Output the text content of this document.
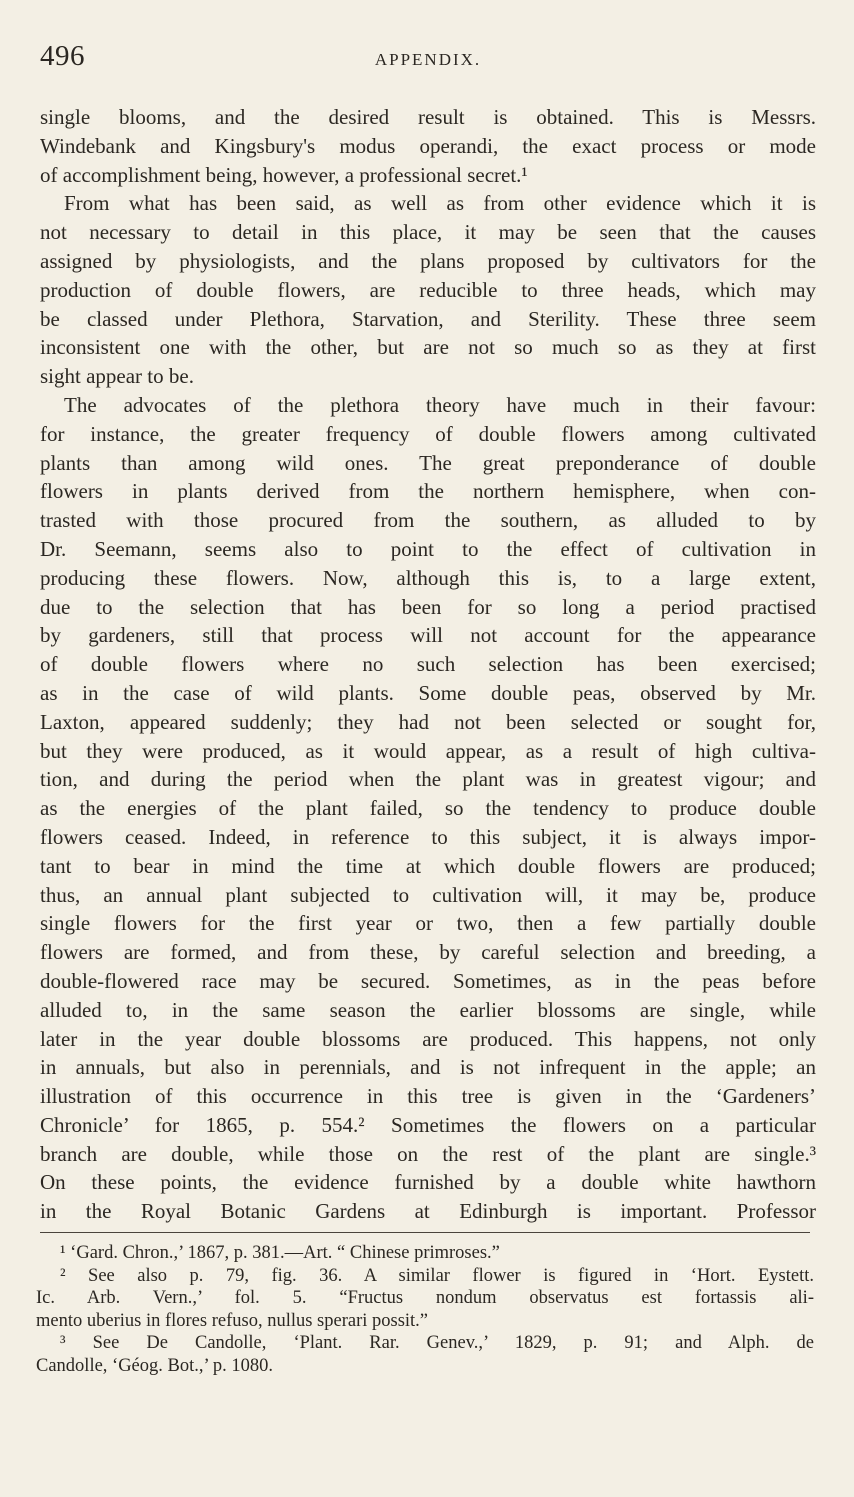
496	APPENDIX.
single blooms, and the desired result is obtained. This is Messrs.
Windebank and Kingsbury's modus operandi, the exact process or mode
of accomplishment being, however, a professional secret.¹
From what has been said, as well as from other evidence which it is
not necessary to detail in this place, it may be seen that the causes
assigned by physiologists, and the plans proposed by cultivators for the
production of double flowers, are reducible to three heads, which may
be classed under Plethora, Starvation, and Sterility. These three seem
inconsistent one with the other, but are not so much so as they at first
sight appear to be.
The advocates of the plethora theory have much in their favour:
for instance, the greater frequency of double flowers among cultivated
plants than among wild ones. The great preponderance of double
flowers in plants derived from the northern hemisphere, when con-
trasted with those procured from the southern, as alluded to by
Dr. Seemann, seems also to point to the effect of cultivation in
producing these flowers. Now, although this is, to a large extent,
due to the selection that has been for so long a period practised
by gardeners, still that process will not account for the appearance
of double flowers where no such selection has been exercised;
as in the case of wild plants. Some double peas, observed by Mr.
Laxton, appeared suddenly; they had not been selected or sought for,
but they were produced, as it would appear, as a result of high cultiva-
tion, and during the period when the plant was in greatest vigour; and
as the energies of the plant failed, so the tendency to produce double
flowers ceased. Indeed, in reference to this subject, it is always impor-
tant to bear in mind the time at which double flowers are produced;
thus, an annual plant subjected to cultivation will, it may be, produce
single flowers for the first year or two, then a few partially double
flowers are formed, and from these, by careful selection and breeding, a
double-flowered race may be secured. Sometimes, as in the peas before
alluded to, in the same season the earlier blossoms are single, while
later in the year double blossoms are produced. This happens, not only
in annuals, but also in perennials, and is not infrequent in the apple; an
illustration of this occurrence in this tree is given in the ‘Gardeners’
Chronicle’ for 1865, p. 554.² Sometimes the flowers on a particular
branch are double, while those on the rest of the plant are single.³
On these points, the evidence furnished by a double white hawthorn
in the Royal Botanic Gardens at Edinburgh is important. Professor
¹ ‘Gard. Chron.,’ 1867, p. 381.—Art. “ Chinese primroses.”
² See also p. 79, fig. 36. A similar flower is figured in ‘Hort. Eystett.
Ic. Arb. Vern.,’ fol. 5. “Fructus nondum observatus est fortassis ali-
mento uberius in flores refuso, nullus sperari possit.”
³ See De Candolle, ‘Plant. Rar. Genev.,’ 1829, p. 91; and Alph. de
Candolle, ‘Géog. Bot.,’ p. 1080.
